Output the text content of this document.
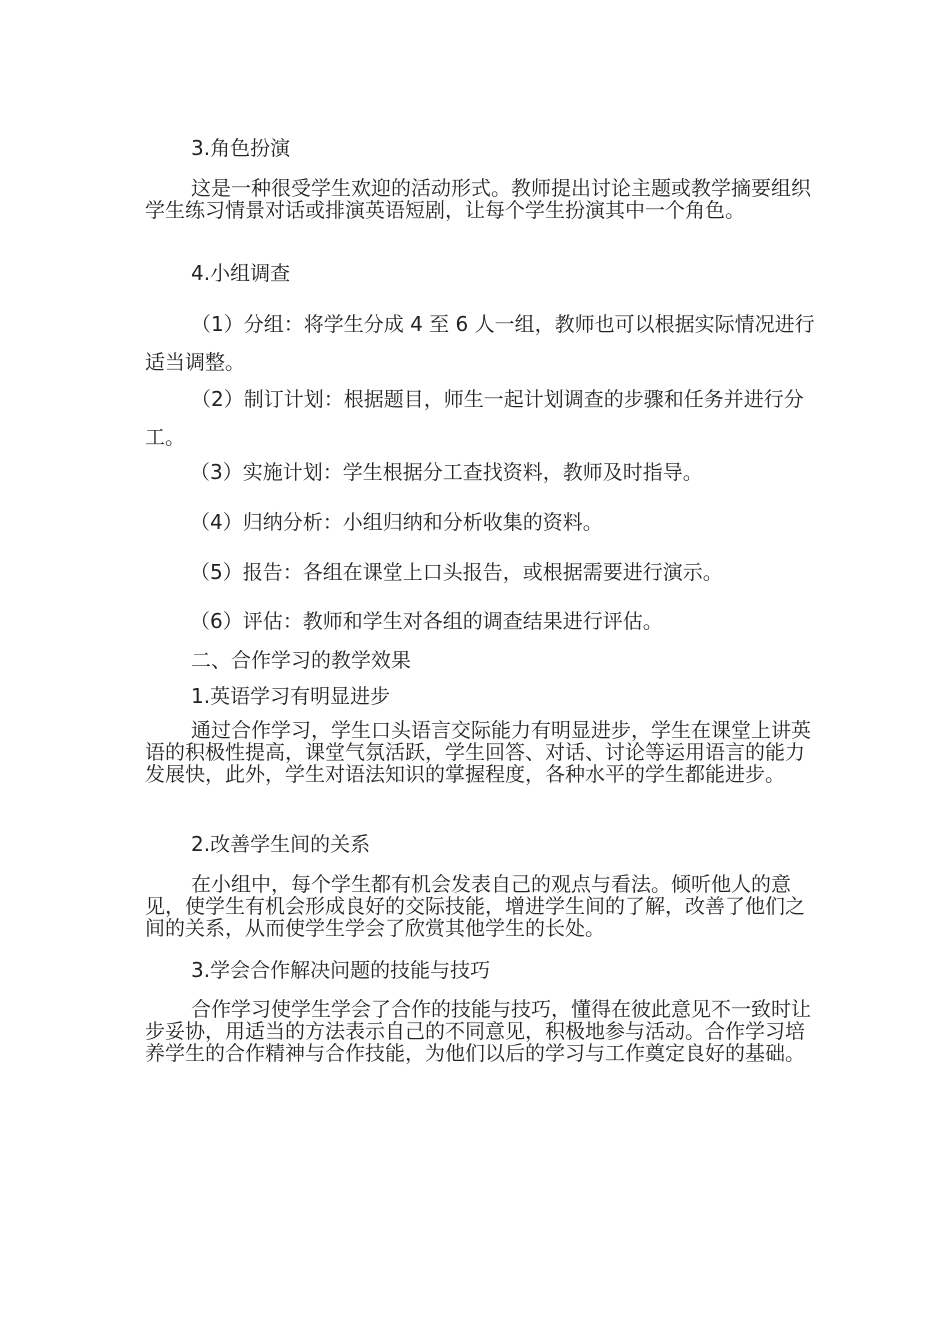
3.角色扮演

这是一种很受学生欢迎的活动形式。教师提出讨论主题或教学摘要组织学生练习情景对话或排演英语短剧，让每个学生扮演其中一个角色。

4.小组调查

（1）分组：将学生分成 4 至 6 人一组，教师也可以根据实际情况进行适当调整。

（2）制订计划：根据题目，师生一起计划调查的步骤和任务并进行分工。

（3）实施计划：学生根据分工查找资料，教师及时指导。

（4）归纳分析：小组归纳和分析收集的资料。

（5）报告：各组在课堂上口头报告，或根据需要进行演示。

（6）评估：教师和学生对各组的调查结果进行评估。

二、合作学习的教学效果

1.英语学习有明显进步

通过合作学习，学生口头语言交际能力有明显进步，学生在课堂上讲英语的积极性提高，课堂气氛活跃，学生回答、对话、讨论等运用语言的能力发展快，此外，学生对语法知识的掌握程度，各种水平的学生都能进步。

2.改善学生间的关系

在小组中，每个学生都有机会发表自己的观点与看法。倾听他人的意见，使学生有机会形成良好的交际技能，增进学生间的了解，改善了他们之间的关系，从而使学生学会了欣赏其他学生的长处。

3.学会合作解决问题的技能与技巧

合作学习使学生学会了合作的技能与技巧，懂得在彼此意见不一致时让步妥协，用适当的方法表示自己的不同意见，积极地参与活动。合作学习培养学生的合作精神与合作技能，为他们以后的学习与工作奠定良好的基础。
